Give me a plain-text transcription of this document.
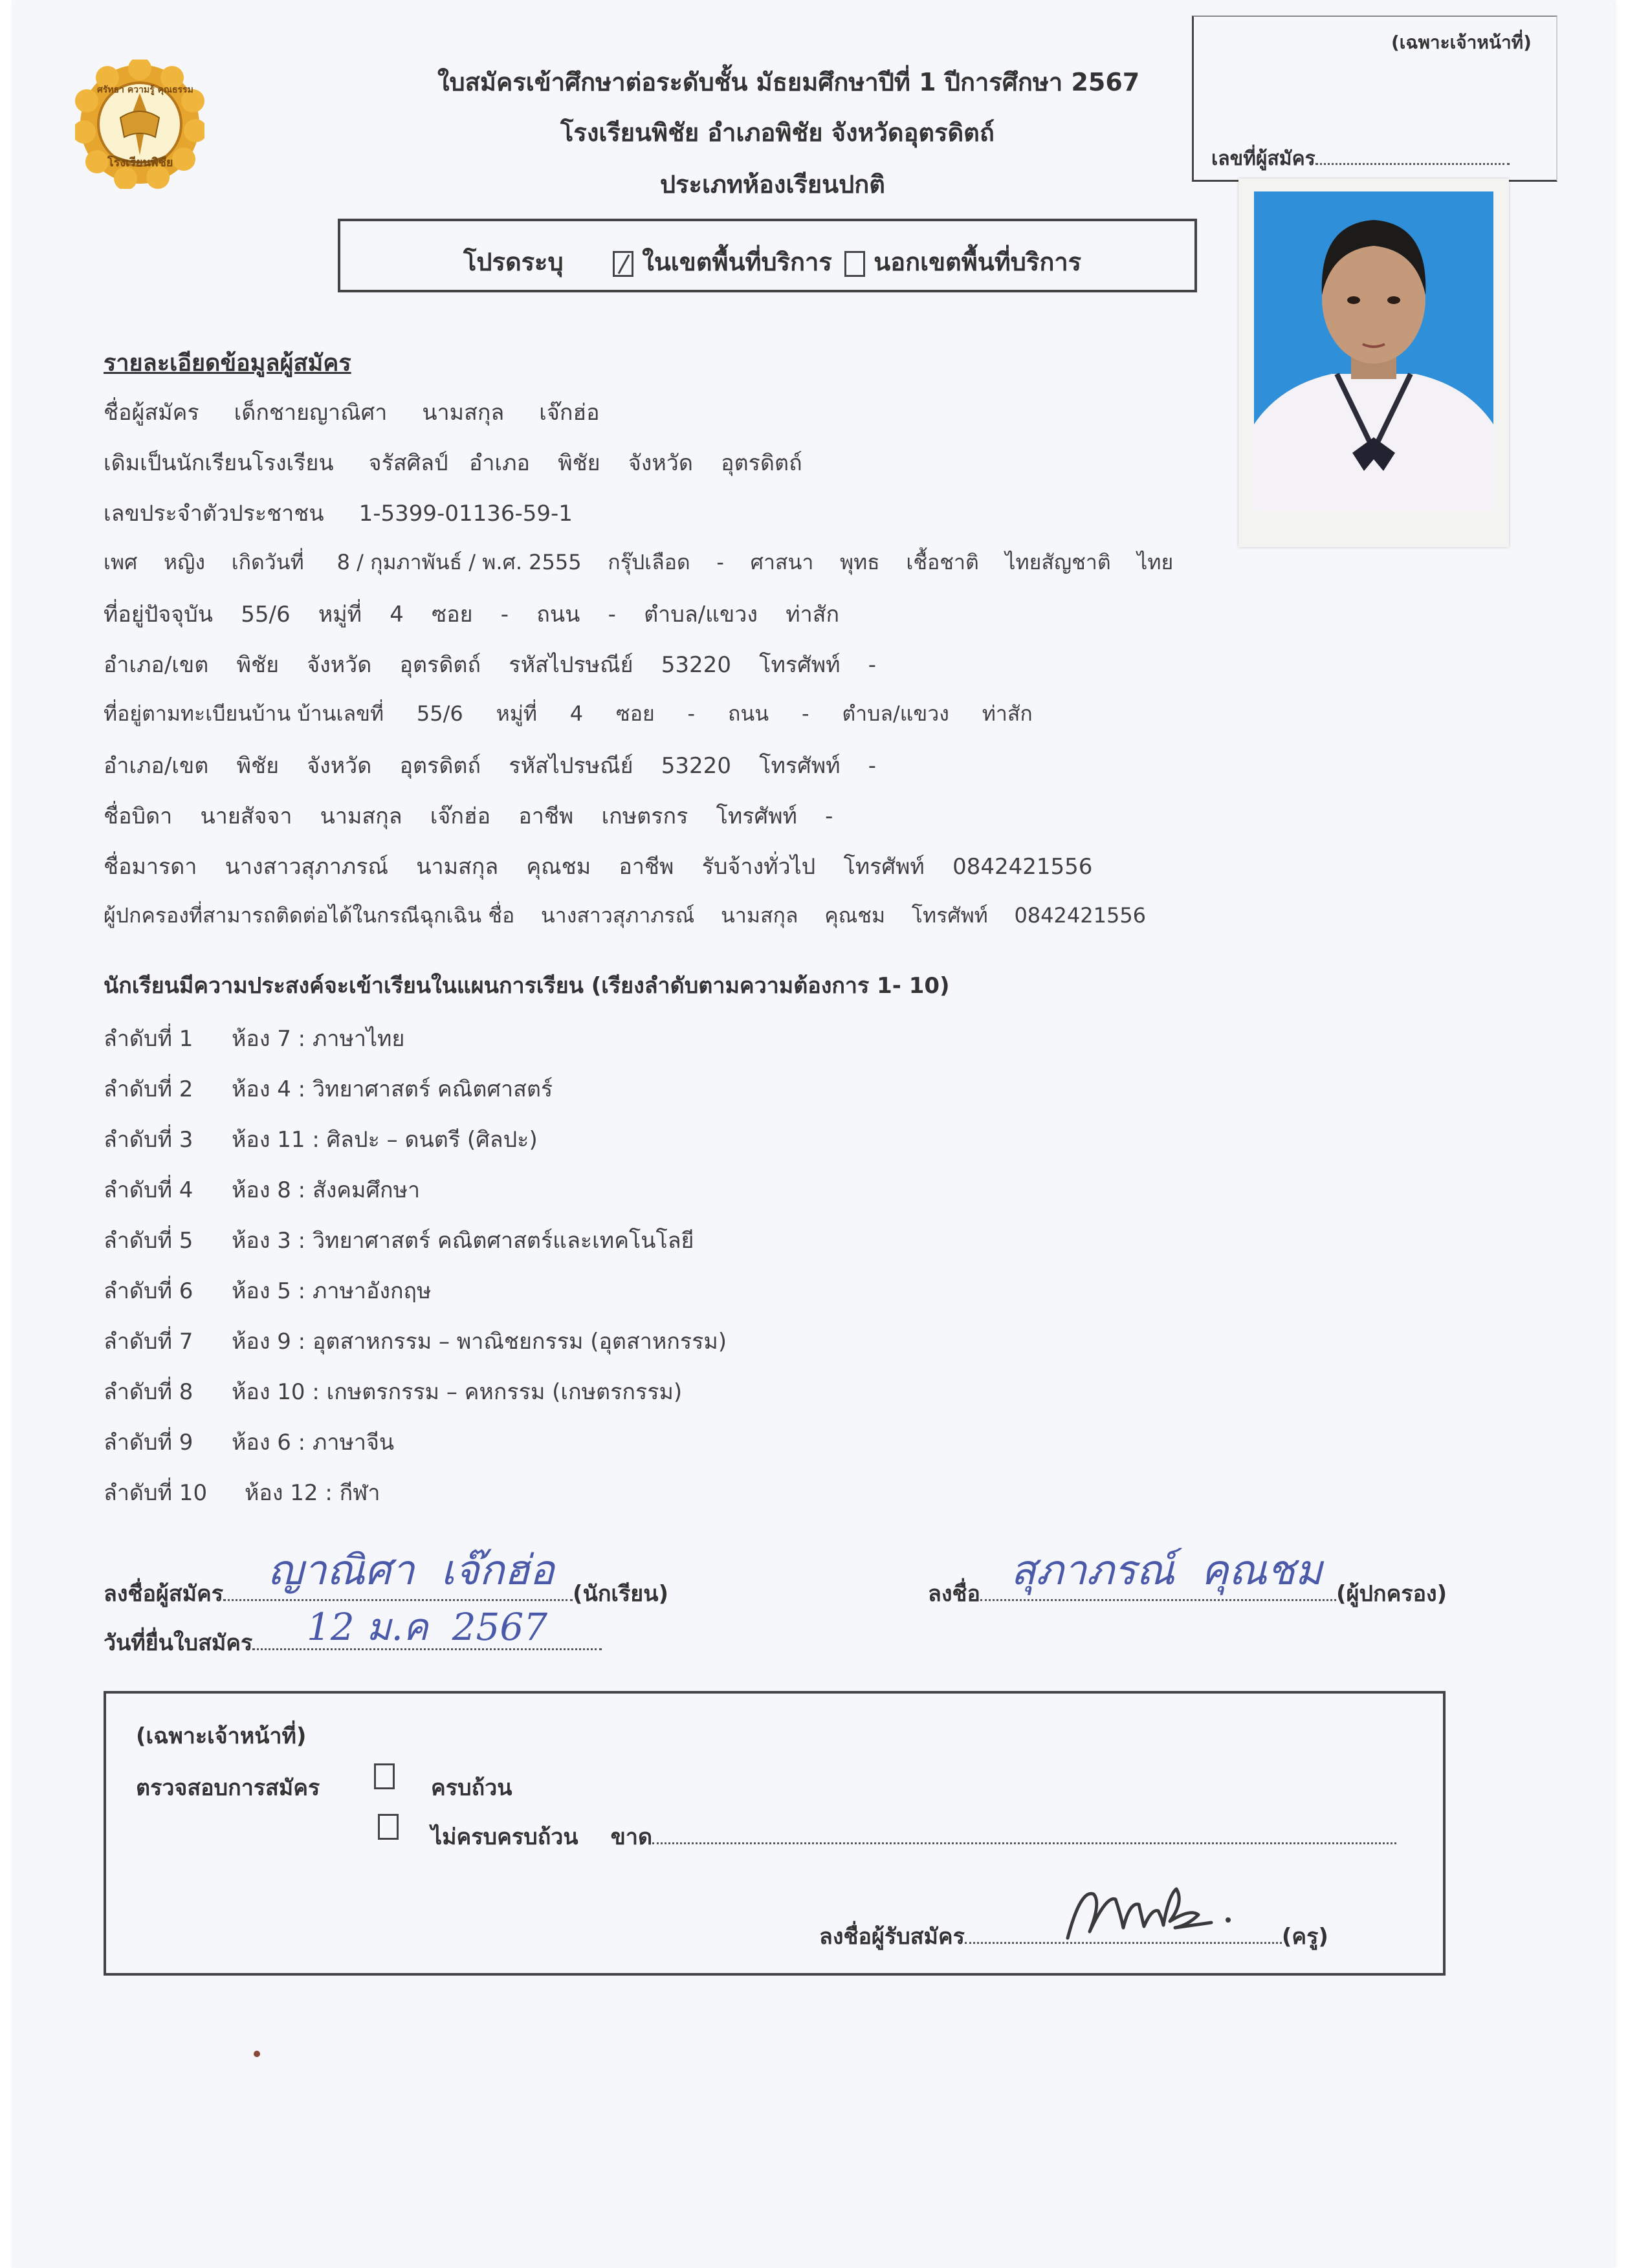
(เฉพาะเจ้าหน้าที่)
เลขที่ผู้สมัคร
ศรัทธา ความรู้ คุณธรรม
โรงเรียนพิชัย
ใบสมัครเข้าศึกษาต่อระดับชั้น มัธยมศึกษาปีที่ 1 ปีการศึกษา 2567
โรงเรียนพิชัย อำเภอพิชัย จังหวัดอุตรดิตถ์
ประเภทห้องเรียนปกติ
โปรดระบุ	ในเขตพื้นที่บริการ นอกเขตพื้นที่บริการ
รายละเอียดข้อมูลผู้สมัคร
ชื่อผู้สมัคร     เด็กชายญาณิศา     นามสกุล     เจ๊กฮ่อ
เดิมเป็นนักเรียนโรงเรียน     จรัสศิลป์   อำเภอ    พิชัย    จังหวัด    อุตรดิตถ์
เลขประจำตัวประชาชน     1-5399-01136-59-1
เพศ    หญิง    เกิดวันที่     8 / กุมภาพันธ์ / พ.ศ. 2555    กรุ๊ปเลือด    -    ศาสนา    พุทธ    เชื้อชาติ    ไทยสัญชาติ    ไทย
ที่อยู่ปัจจุบัน    55/6    หมู่ที่    4    ซอย    -    ถนน    -    ตำบล/แขวง    ท่าสัก
อำเภอ/เขต    พิชัย    จังหวัด    อุตรดิตถ์    รหัสไปรษณีย์    53220    โทรศัพท์    -
ที่อยู่ตามทะเบียนบ้าน บ้านเลขที่     55/6     หมู่ที่     4     ซอย     -     ถนน     -     ตำบล/แขวง     ท่าสัก
อำเภอ/เขต    พิชัย    จังหวัด    อุตรดิตถ์    รหัสไปรษณีย์    53220    โทรศัพท์    -
ชื่อบิดา    นายสัจจา    นามสกุล    เจ๊กฮ่อ    อาชีพ    เกษตรกร    โทรศัพท์    -
ชื่อมารดา    นางสาวสุภาภรณ์    นามสกุล    คุณชม    อาชีพ    รับจ้างทั่วไป    โทรศัพท์    0842421556
ผู้ปกครองที่สามารถติดต่อได้ในกรณีฉุกเฉิน ชื่อ    นางสาวสุภาภรณ์    นามสกุล    คุณชม    โทรศัพท์    0842421556
นักเรียนมีความประสงค์จะเข้าเรียนในแผนการเรียน (เรียงลำดับตามความต้องการ 1- 10)
ลำดับที่ 1 ห้อง 7 : ภาษาไทย
ลำดับที่ 2 ห้อง 4 : วิทยาศาสตร์ คณิตศาสตร์
ลำดับที่ 3 ห้อง 11 : ศิลปะ – ดนตรี (ศิลปะ)
ลำดับที่ 4 ห้อง 8 : สังคมศึกษา
ลำดับที่ 5 ห้อง 3 : วิทยาศาสตร์ คณิตศาสตร์และเทคโนโลยี
ลำดับที่ 6 ห้อง 5 : ภาษาอังกฤษ
ลำดับที่ 7 ห้อง 9 : อุตสาหกรรม – พาณิชยกรรม (อุตสาหกรรม)
ลำดับที่ 8 ห้อง 10 : เกษตรกรรม – คหกรรม (เกษตรกรรม)
ลำดับที่ 9 ห้อง 6 : ภาษาจีน
ลำดับที่ 10 ห้อง 12 : กีฬา
ลงชื่อผู้สมัคร	(นักเรียน)
ญาณิศา  เจ๊กฮ่อ
วันที่ยื่นใบสมัคร	12 ม.ค  2567
ลงชื่อ	(ผู้ปกครอง)
สุภาภรณ์  คุณชม
(เฉพาะเจ้าหน้าที่)
ตรวจสอบการสมัคร	ครบถ้วน
ไม่ครบครบถ้วน ขาด
ลงชื่อผู้รับสมัคร	(ครู)
